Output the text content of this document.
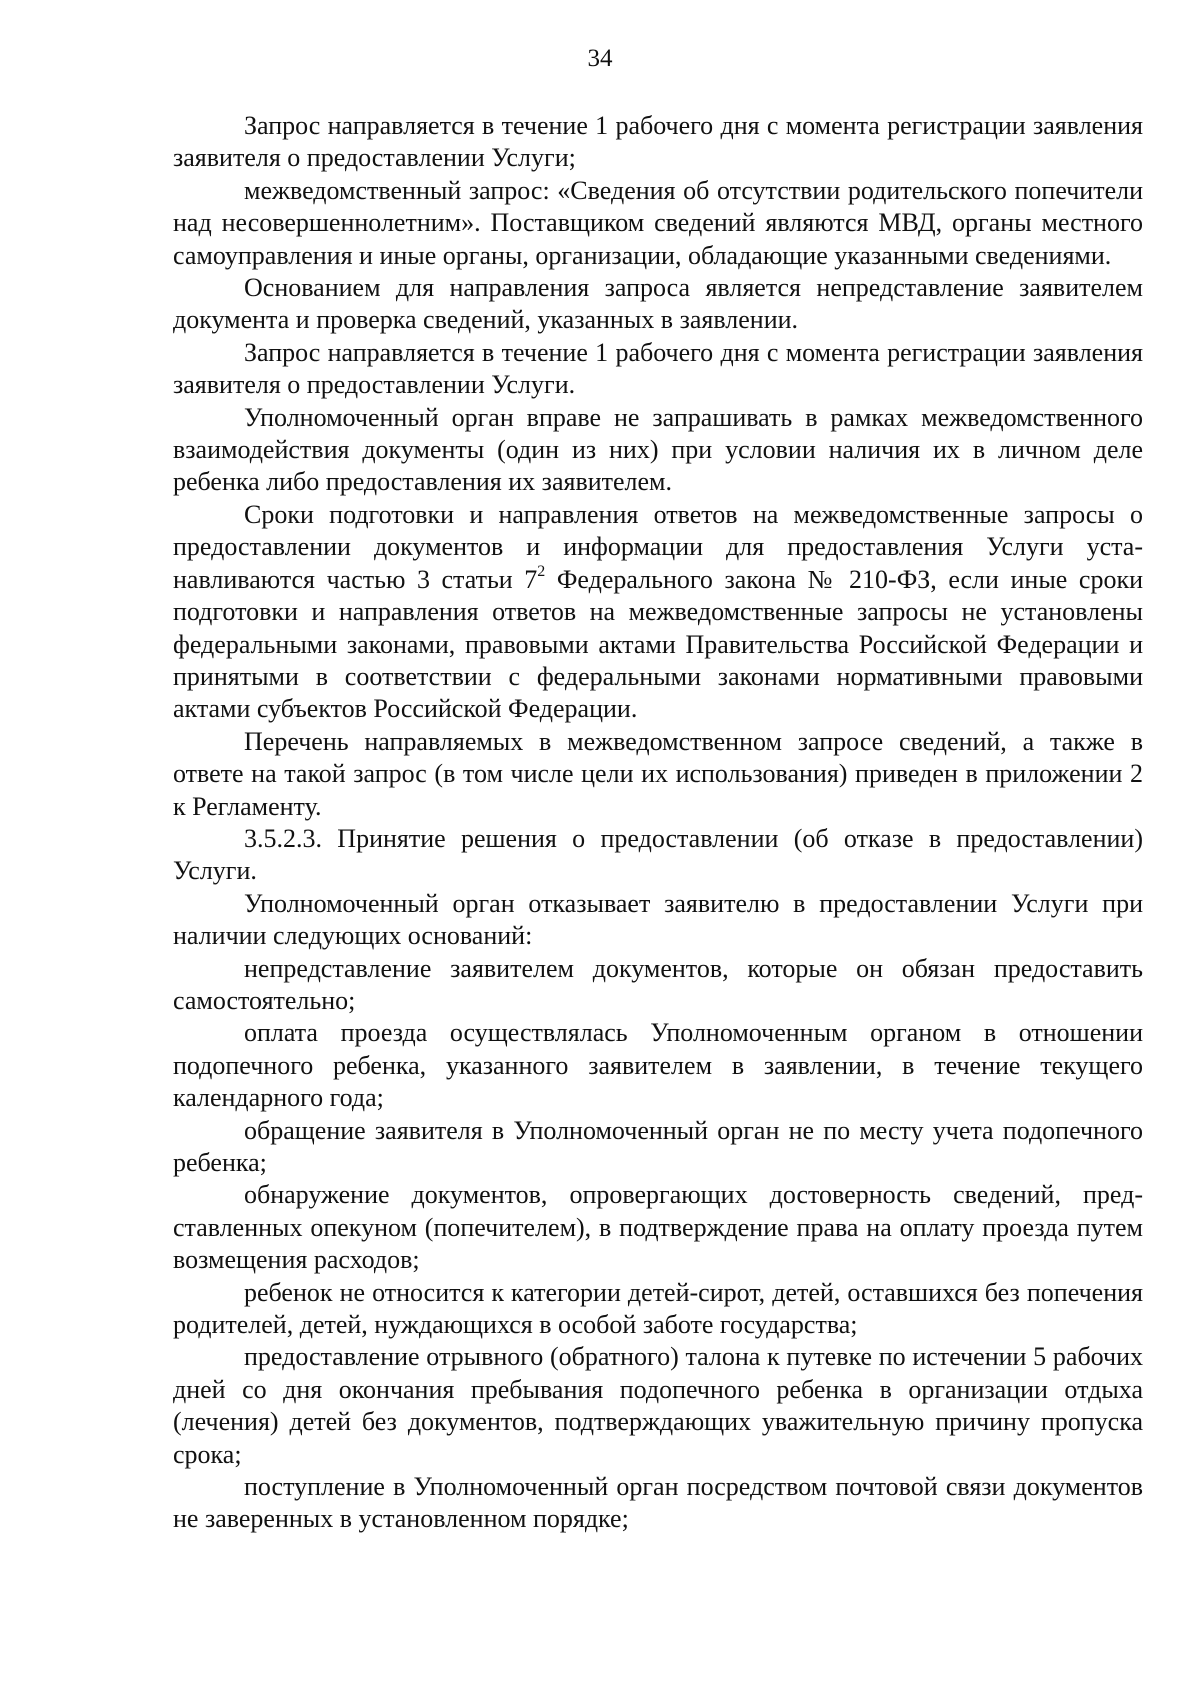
34

Запрос направляется в течение 1 рабочего дня с момента регистрации заявления заявителя о предоставлении Услуги;

межведомственный запрос: «Сведения об отсутствии родительского попечители над несовершеннолетним». Поставщиком сведений являются МВД, органы местного самоуправления и иные органы, организации, обладающие указанными сведениями.

Основанием для направления запроса является непредставление заявителем документа и проверка сведений, указанных в заявлении.

Запрос направляется в течение 1 рабочего дня с момента регистрации заявления заявителя о предоставлении Услуги.

Уполномоченный орган вправе не запрашивать в рамках межведомственного взаимодействия документы (один из них) при условии наличия их в личном деле ребенка либо предоставления их заявителем.

Сроки подготовки и направления ответов на межведомственные запросы о предоставлении документов и информации для предоставления Услуги устанавливаются частью 3 статьи $7^2$ Федерального закона № 210-ФЗ, если иные сроки подготовки и направления ответов на межведомственные запросы не установлены федеральными законами, правовыми актами Правительства Российской Федерации и принятыми в соответствии с федеральными законами нормативными правовыми актами субъектов Российской Федерации.

Перечень направляемых в межведомственном запросе сведений, а также в ответе на такой запрос (в том числе цели их использования) приведен в приложении 2 к Регламенту.

3.5.2.3. Принятие решения о предоставлении (об отказе в предоставлении) Услуги.

Уполномоченный орган отказывает заявителю в предоставлении Услуги при наличии следующих оснований:

непредставление заявителем документов, которые он обязан предоставить самостоятельно;

оплата проезда осуществлялась Уполномоченным органом в отношении подопечного ребенка, указанного заявителем в заявлении, в течение текущего календарного года;

обращение заявителя в Уполномоченный орган не по месту учета подопечного ребенка;

обнаружение документов, опровергающих достоверность сведений, представленных опекуном (попечителем), в подтверждение права на оплату проезда путем возмещения расходов;

ребенок не относится к категории детей-сирот, детей, оставшихся без попечения родителей, детей, нуждающихся в особой заботе государства;

предоставление отрывного (обратного) талона к путевке по истечении 5 рабочих дней со дня окончания пребывания подопечного ребенка в организации отдыха (лечения) детей без документов, подтверждающих уважительную причину пропуска срока;

поступление в Уполномоченный орган посредством почтовой связи документов не заверенных в установленном порядке;
